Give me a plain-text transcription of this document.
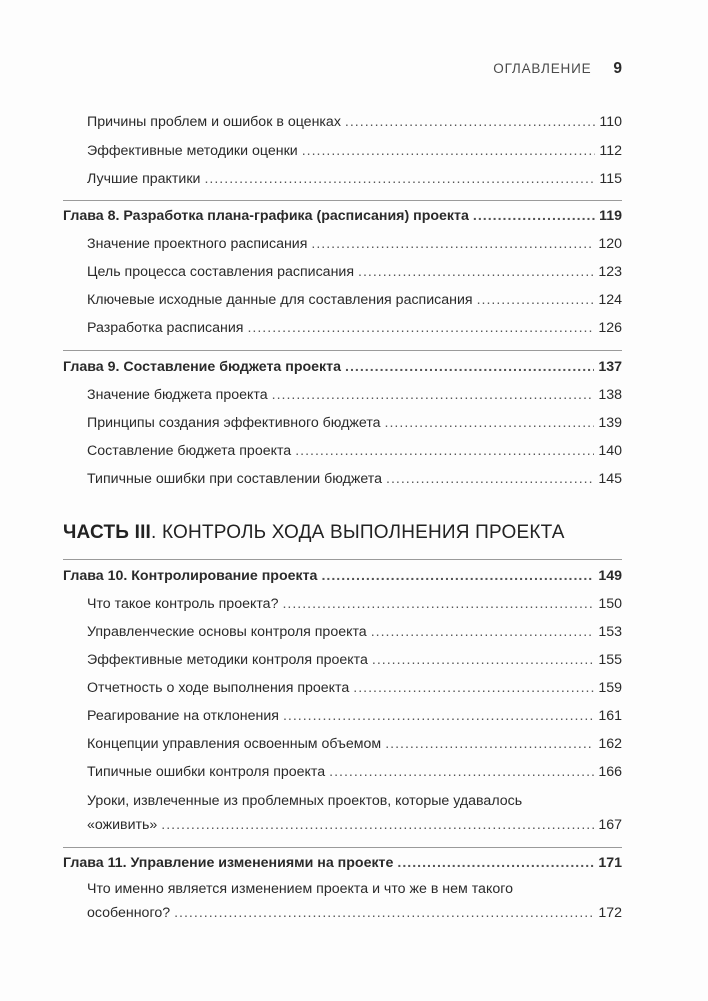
ОГЛАВЛЕНИЕ 9
Причины проблем и ошибок в оценках .....	110
Эффективные методики оценки .....	112
Лучшие практики .....	115
Глава 8. Разработка плана-графика (расписания) проекта .....	119
Значение проектного расписания .....	120
Цель процесса составления расписания .....	123
Ключевые исходные данные для составления расписания .....	124
Разработка расписания .....	126
Глава 9. Составление бюджета проекта .....	137
Значение бюджета проекта .....	138
Принципы создания эффективного бюджета .....	139
Составление бюджета проекта .....	140
Типичные ошибки при составлении бюджета .....	145
ЧАСТЬ III. КОНТРОЛЬ ХОДА ВЫПОЛНЕНИЯ ПРОЕКТА
Глава 10. Контролирование проекта .....	149
Что такое контроль проекта? .....	150
Управленческие основы контроля проекта .....	153
Эффективные методики контроля проекта .....	155
Отчетность о ходе выполнения проекта .....	159
Реагирование на отклонения .....	161
Концепции управления освоенным объемом .....	162
Типичные ошибки контроля проекта .....	166
Уроки, извлеченные из проблемных проектов, которые удавалось
«оживить» .....	167
Глава 11. Управление изменениями на проекте .....	171
Что именно является изменением проекта и что же в нем такого
особенного? .....	172
